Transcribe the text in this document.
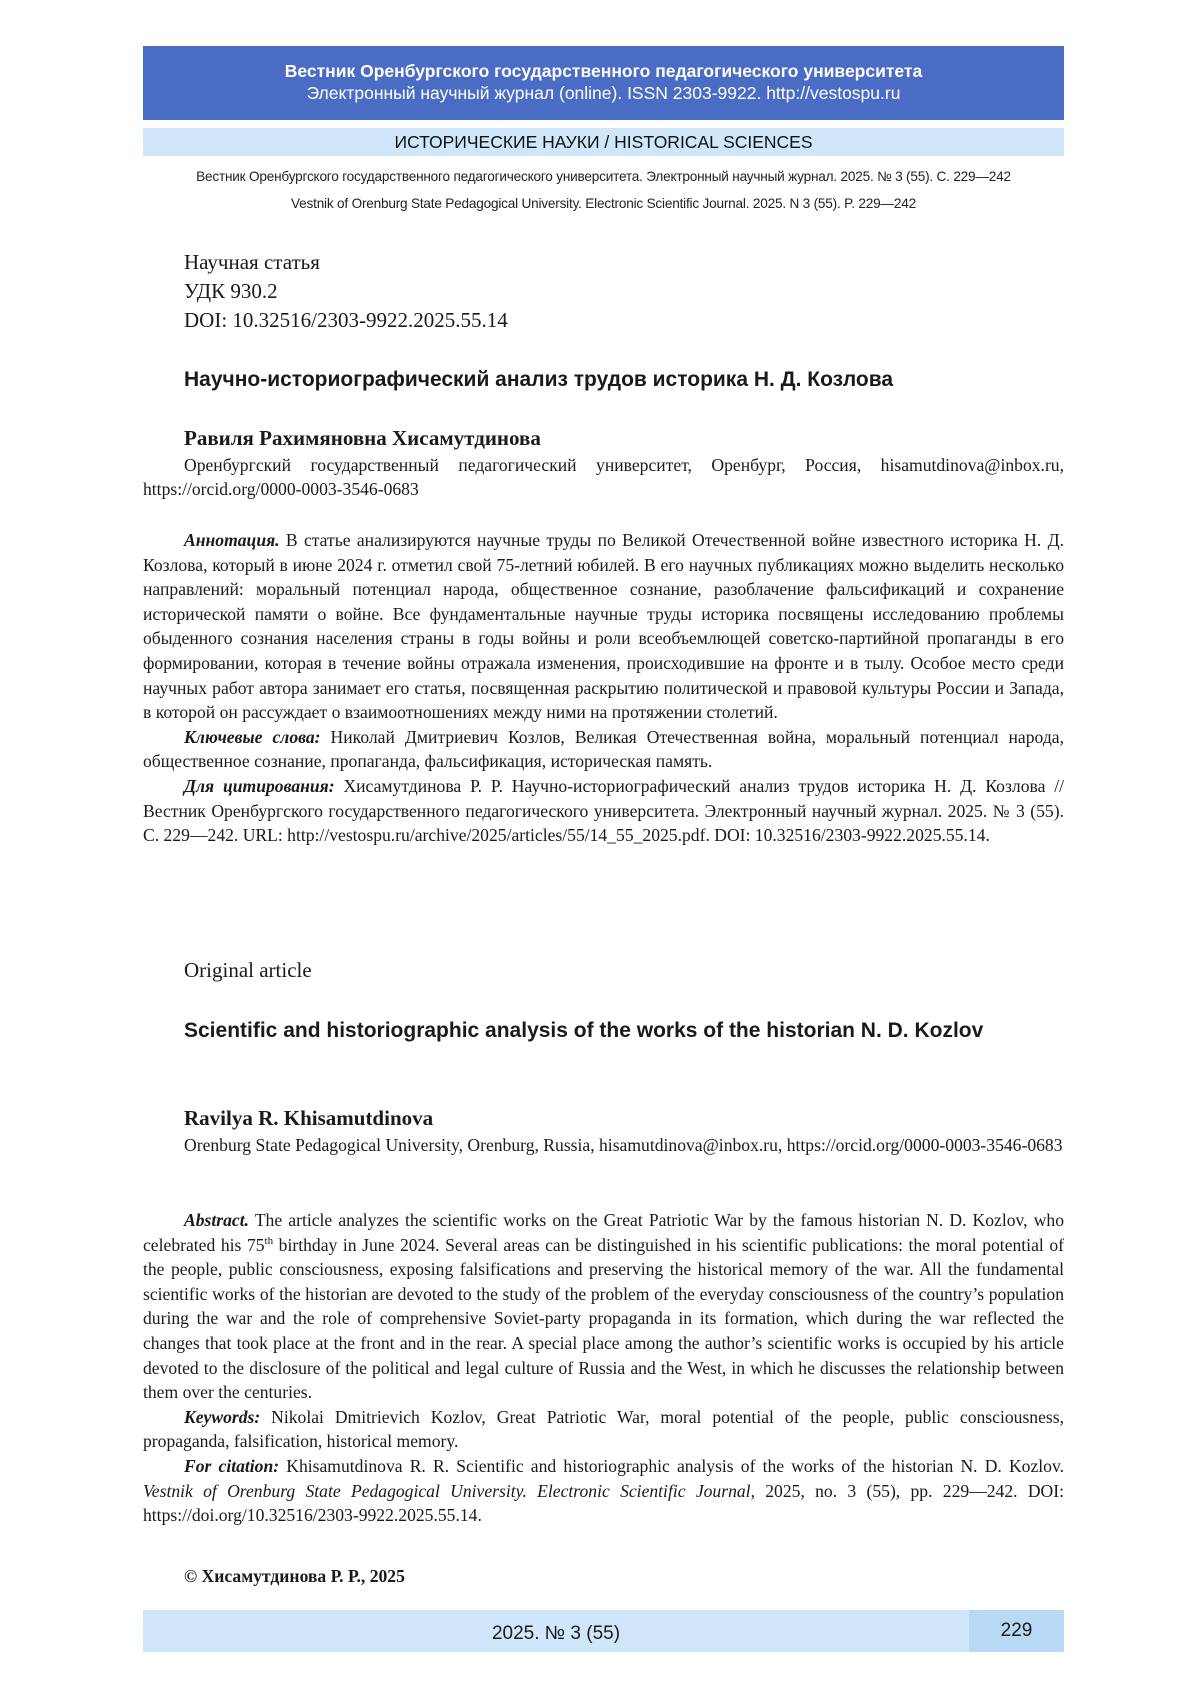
Вестник Оренбургского государственного педагогического университета
Электронный научный журнал (online). ISSN 2303-9922. http://vestospu.ru
ИСТОРИЧЕСКИЕ НАУКИ / HISTORICAL SCIENCES
Вестник Оренбургского государственного педагогического университета. Электронный научный журнал. 2025. № 3 (55). С. 229—242
Vestnik of Orenburg State Pedagogical University. Electronic Scientific Journal. 2025. N 3 (55). P. 229—242
Научная статья
УДК 930.2
DOI: 10.32516/2303-9922.2025.55.14
Научно-историографический анализ трудов историка Н. Д. Козлова
Равиля Рахимяновна Хисамутдинова
Оренбургский государственный педагогический университет, Оренбург, Россия, hisamutdinova@inbox.ru, https://orcid.org/0000-0003-3546-0683

Аннотация. В статье анализируются научные труды по Великой Отечественной войне известного историка Н. Д. Козлова, который в июне 2024 г. отметил свой 75-летний юбилей. В его научных публикациях можно выделить несколько направлений: моральный потенциал народа, общественное сознание, разоблачение фальсификаций и сохранение исторической памяти о войне. Все фундаментальные научные труды историка посвящены исследованию проблемы обыденного сознания населения страны в годы войны и роли всеобъемлющей советско-партийной пропаганды в его формировании, которая в течение войны отражала изменения, происходившие на фронте и в тылу. Особое место среди научных работ автора занимает его статья, посвященная раскрытию политической и правовой культуры России и Запада, в которой он рассуждает о взаимоотношениях между ними на протяжении столетий.

Ключевые слова: Николай Дмитриевич Козлов, Великая Отечественная война, моральный потенциал народа, общественное сознание, пропаганда, фальсификация, историческая память.

Для цитирования: Хисамутдинова Р. Р. Научно-историографический анализ трудов историка Н. Д. Козлова // Вестник Оренбургского государственного педагогического университета. Электронный научный журнал. 2025. № 3 (55). С. 229—242. URL: http://vestospu.ru/archive/2025/articles/55/14_55_2025.pdf. DOI: 10.32516/2303-9922.2025.55.14.

Original article
Scientific and historiographic analysis of the works of the historian N. D. Kozlov
Ravilya R. Khisamutdinova
Orenburg State Pedagogical University, Orenburg, Russia, hisamutdinova@inbox.ru, https://orcid.org/0000-0003-3546-0683

Abstract. The article analyzes the scientific works on the Great Patriotic War by the famous historian N. D. Kozlov, who celebrated his 75th birthday in June 2024. Several areas can be distinguished in his scientific publications: the moral potential of the people, public consciousness, exposing falsifications and preserving the historical memory of the war. All the fundamental scientific works of the historian are devoted to the study of the problem of the everyday consciousness of the country’s population during the war and the role of comprehensive Soviet-party propaganda in its formation, which during the war reflected the changes that took place at the front and in the rear. A special place among the author’s scientific works is occupied by his article devoted to the disclosure of the political and legal culture of Russia and the West, in which he discusses the relationship between them over the centuries.

Keywords: Nikolai Dmitrievich Kozlov, Great Patriotic War, moral potential of the people, public consciousness, propaganda, falsification, historical memory.

For citation: Khisamutdinova R. R. Scientific and historiographic analysis of the works of the historian N. D. Kozlov. Vestnik of Orenburg State Pedagogical University. Electronic Scientific Journal, 2025, no. 3 (55), pp. 229—242. DOI: https://doi.org/10.32516/2303-9922.2025.55.14.

© Хисамутдинова Р. Р., 2025
2025. № 3 (55)	229
